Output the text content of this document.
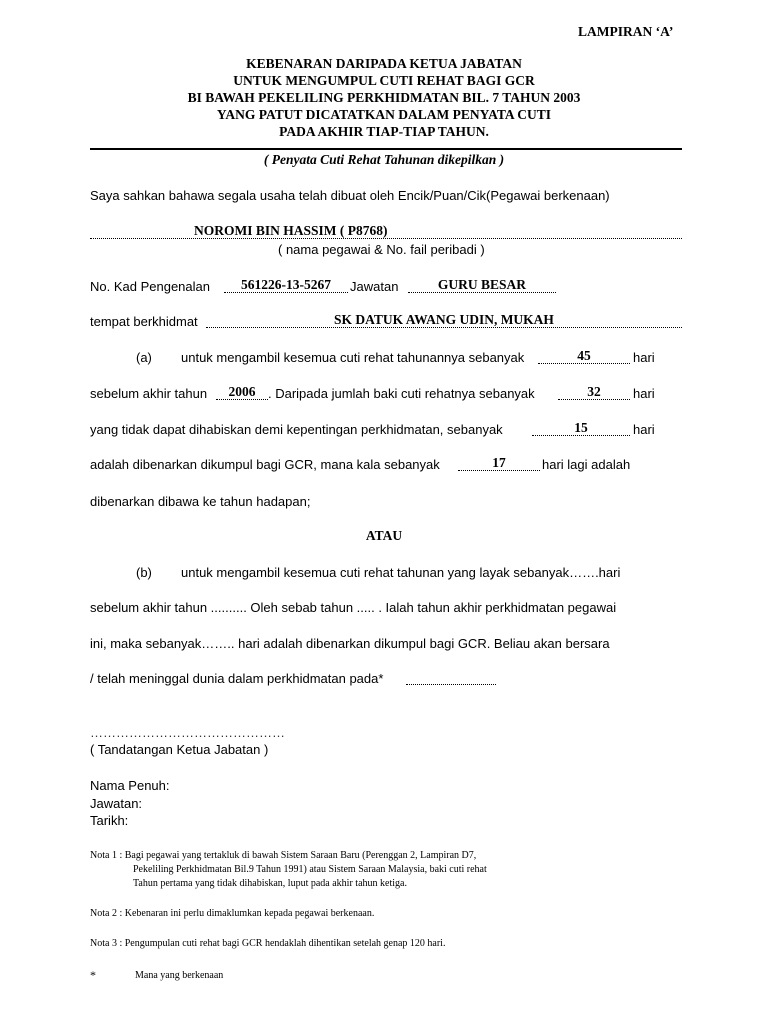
LAMPIRAN ‘A’
KEBENARAN DARIPADA KETUA JABATAN
UNTUK MENGUMPUL CUTI REHAT BAGI GCR
BI BAWAH PEKELILING PERKHIDMATAN BIL. 7 TAHUN 2003
YANG PATUT DICATATKAN DALAM PENYATA CUTI
PADA AKHIR TIAP-TIAP TAHUN.
( Penyata Cuti Rehat Tahunan dikepilkan )
Saya sahkan bahawa segala usaha telah dibuat oleh Encik/Puan/Cik(Pegawai berkenaan)
NOROMI BIN HASSIM ( P8768)
( nama pegawai & No. fail peribadi )
No. Kad Pengenalan	561226-13-5267	Jawatan	GURU BESAR
tempat berkhidmat	SK DATUK AWANG UDIN, MUKAH
(a) untuk mengambil kesemua cuti rehat tahunannya sebanyak	45	hari
sebelum akhir tahun	2006 . Daripada jumlah baki cuti rehatnya sebanyak	32	hari
yang tidak dapat dihabiskan demi kepentingan perkhidmatan, sebanyak	15	hari
adalah dibenarkan dikumpul bagi GCR, mana kala sebanyak	17	hari lagi adalah
dibenarkan dibawa ke tahun hadapan;
ATAU
(b) untuk mengambil kesemua cuti rehat tahunan yang layak sebanyak…….hari
sebelum akhir tahun .......... Oleh sebab tahun ..... . Ialah tahun akhir perkhidmatan pegawai
ini, maka sebanyak…….. hari adalah dibenarkan dikumpul bagi GCR. Beliau akan bersara
/ telah meninggal dunia dalam perkhidmatan pada*
………………………………………
( Tandatangan Ketua Jabatan )
Nama Penuh:
Jawatan:
Tarikh:
Nota 1 : Bagi pegawai yang tertakluk di bawah Sistem Saraan Baru (Perenggan 2, Lampiran D7,
Pekeliling Perkhidmatan Bil.9 Tahun 1991) atau Sistem Saraan Malaysia, baki cuti rehat
Tahun pertama yang tidak dihabiskan, luput pada akhir tahun ketiga.
Nota 2 : Kebenaran ini perlu dimaklumkan kepada pegawai berkenaan.
Nota 3 : Pengumpulan cuti rehat bagi GCR hendaklah dihentikan setelah genap 120 hari.
*	Mana yang berkenaan
